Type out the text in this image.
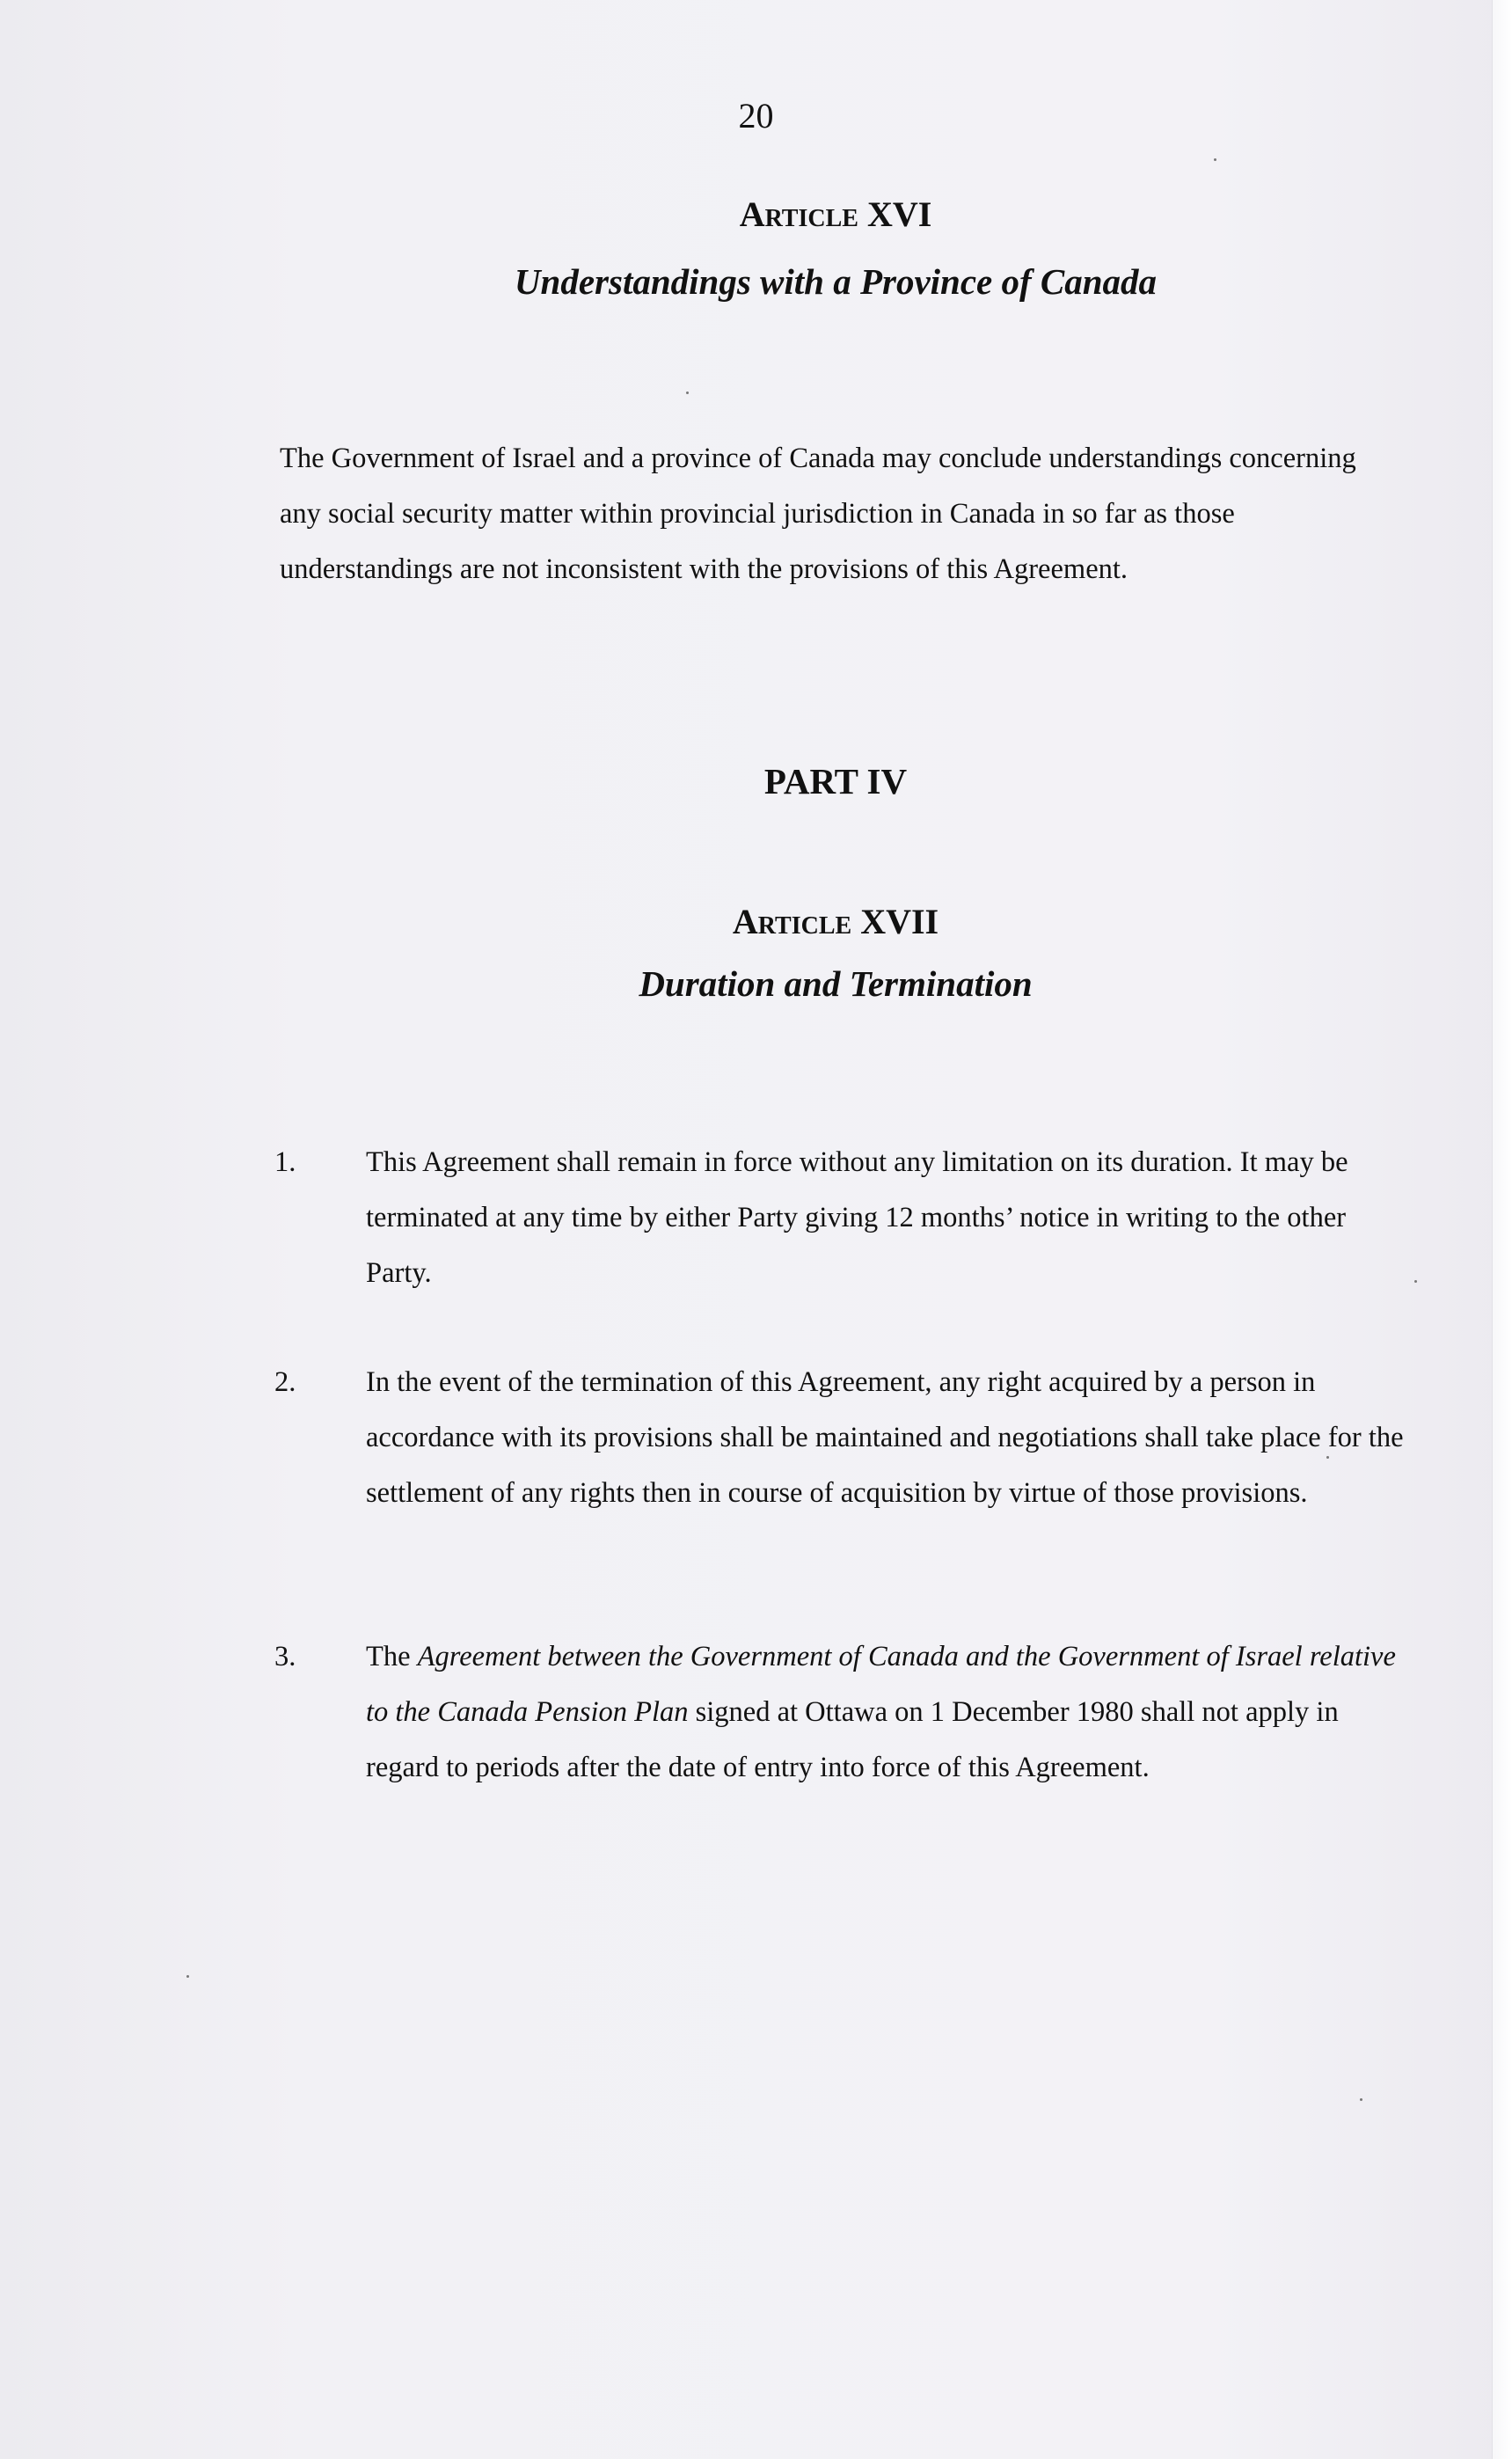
20
Article XVI
Understandings with a Province of Canada

The Government of Israel and a province of Canada may conclude understandings concerning any social security matter within provincial jurisdiction in Canada in so far as those understandings are not inconsistent with the provisions of this Agreement.

PART IV
Article XVII
Duration and Termination
1. This Agreement shall remain in force without any limitation on its duration. It may be terminated at any time by either Party giving 12 months’ notice in writing to the other Party.

2. In the event of the termination of this Agreement, any right acquired by a person in accordance with its provisions shall be maintained and negotiations shall take place for the settlement of any rights then in course of acquisition by virtue of those provisions.

3. The Agreement between the Government of Canada and the Government of Israel relative to the Canada Pension Plan signed at Ottawa on 1 December 1980 shall not apply in regard to periods after the date of entry into force of this Agreement.
